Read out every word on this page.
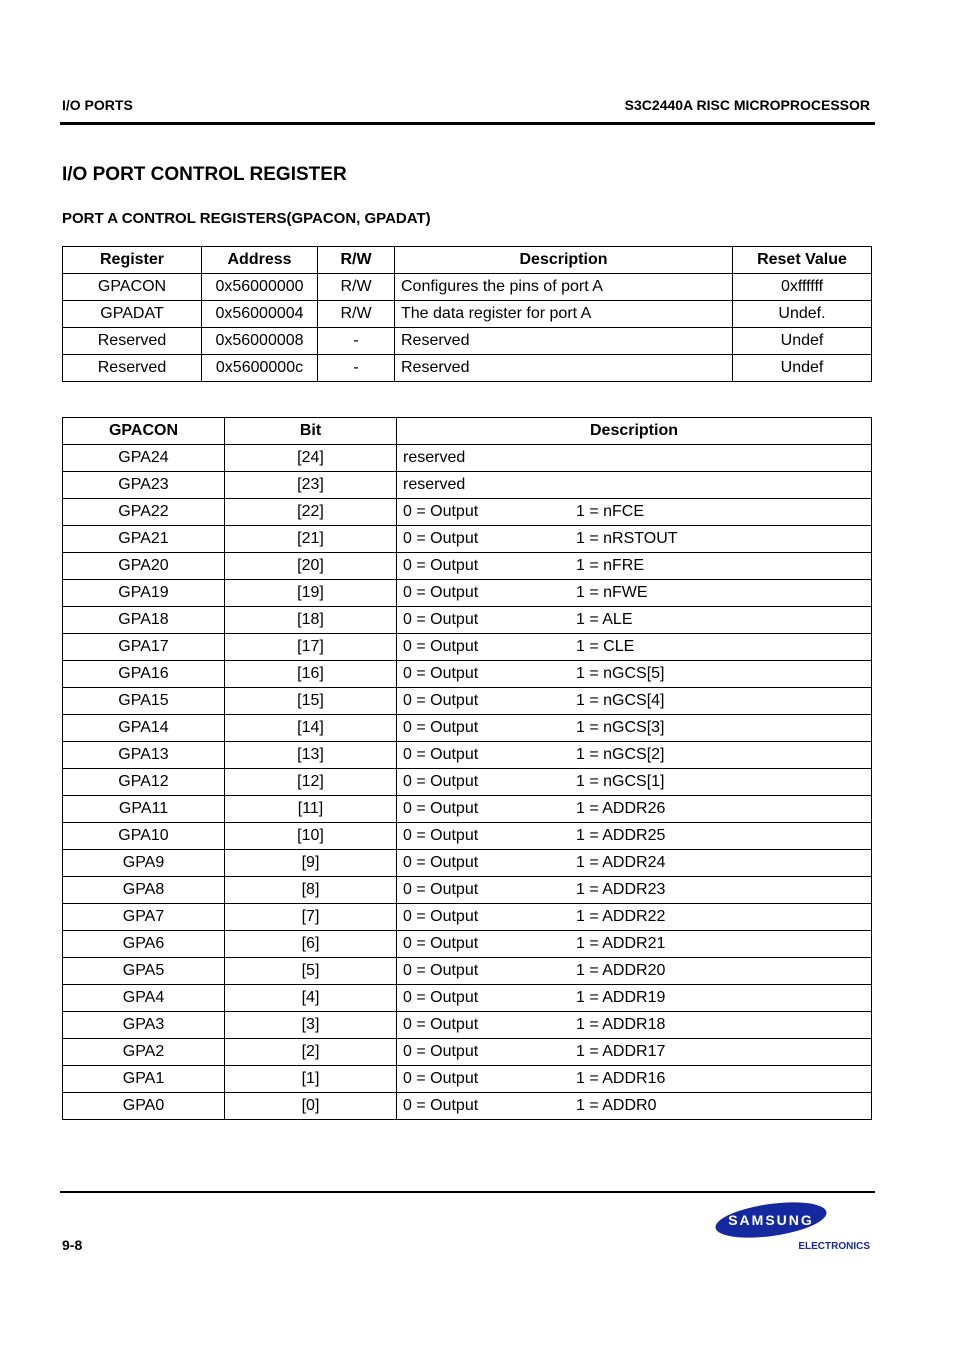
I/O PORTS	S3C2440A RISC MICROPROCESSOR
I/O PORT CONTROL REGISTER
PORT A CONTROL REGISTERS(GPACON, GPADAT)
Register	Address	R/W	Description	Reset Value
GPACON	0x56000000	R/W	Configures the pins of port A	0xffffff
GPADAT	0x56000004	R/W	The data register for port A	Undef.
Reserved	0x56000008	-	Reserved	Undef
Reserved	0x5600000c	-	Reserved	Undef
GPACON	Bit	Description
GPA24	[24]	reserved
GPA23	[23]	reserved
GPA22	[22]	0 = Output 1 = nFCE
GPA21	[21]	0 = Output 1 = nRSTOUT
GPA20	[20]	0 = Output 1 = nFRE
GPA19	[19]	0 = Output 1 = nFWE
GPA18	[18]	0 = Output 1 = ALE
GPA17	[17]	0 = Output 1 = CLE
GPA16	[16]	0 = Output 1 = nGCS[5]
GPA15	[15]	0 = Output 1 = nGCS[4]
GPA14	[14]	0 = Output 1 = nGCS[3]
GPA13	[13]	0 = Output 1 = nGCS[2]
GPA12	[12]	0 = Output 1 = nGCS[1]
GPA11	[11]	0 = Output 1 = ADDR26
GPA10	[10]	0 = Output 1 = ADDR25
GPA9	[9]	0 = Output 1 = ADDR24
GPA8	[8]	0 = Output 1 = ADDR23
GPA7	[7]	0 = Output 1 = ADDR22
GPA6	[6]	0 = Output 1 = ADDR21
GPA5	[5]	0 = Output 1 = ADDR20
GPA4	[4]	0 = Output 1 = ADDR19
GPA3	[3]	0 = Output 1 = ADDR18
GPA2	[2]	0 = Output 1 = ADDR17
GPA1	[1]	0 = Output 1 = ADDR16
GPA0	[0]	0 = Output 1 = ADDR0
9-8
SAMSUNG
ELECTRONICS
